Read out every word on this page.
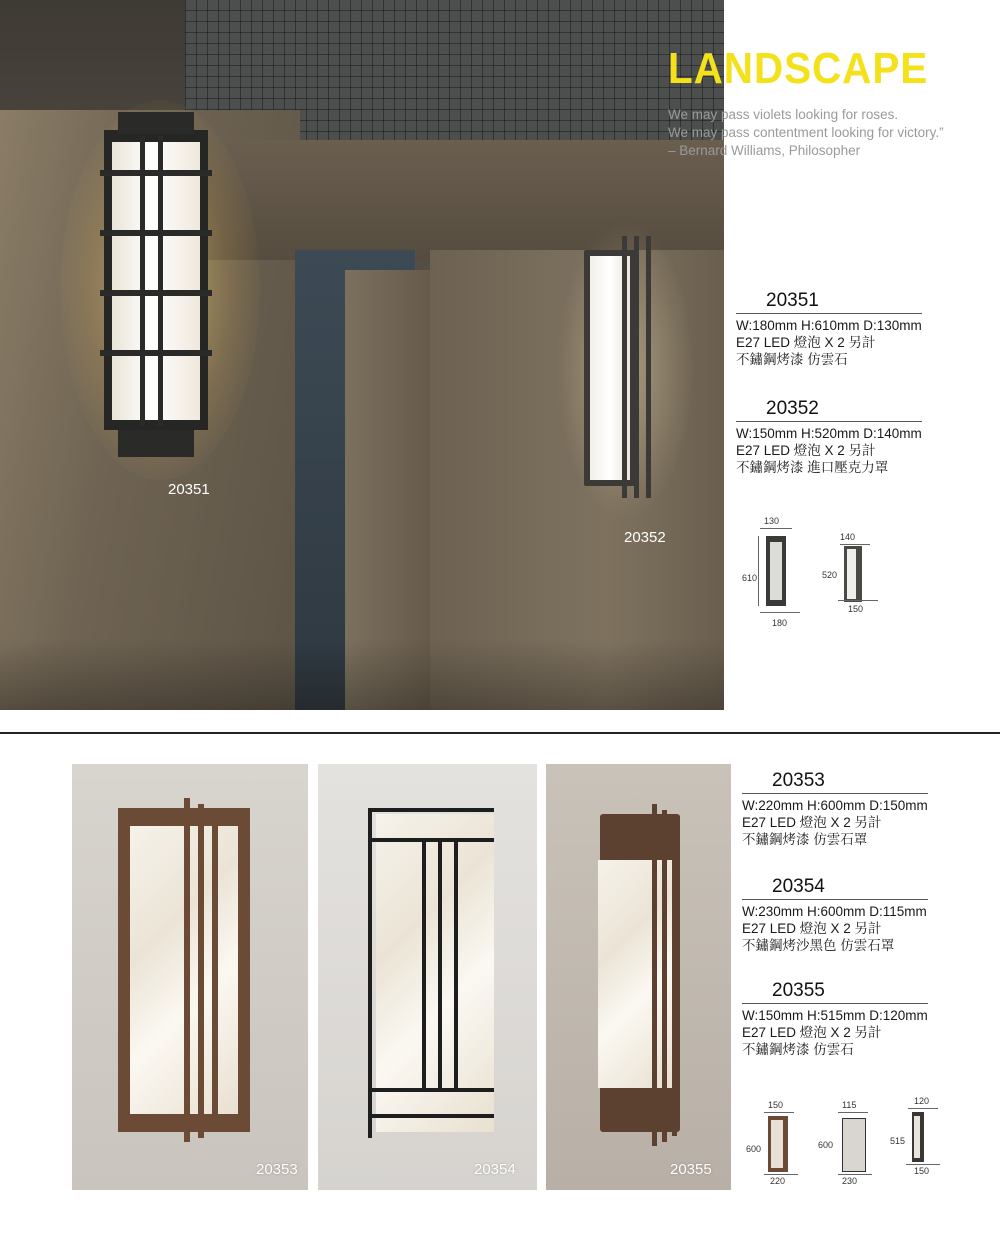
20351
20352
LANDSCAPE
We may pass violets looking for roses.
We may pass contentment looking for victory.”
– Bernard Williams, Philosopher
20351
W:180mm H:610mm D:130mm
E27 LED 燈泡 X 2 另計
不鏽鋼烤漆 仿雲石
20352
W:150mm H:520mm D:140mm
E27 LED 燈泡 X 2 另計
不鏽鋼烤漆 進口壓克力罩
130
610
180
140
520
150
20353	20354	20355
20353
W:220mm H:600mm D:150mm
E27 LED 燈泡 X 2 另計
不鏽鋼烤漆 仿雲石罩
20354
W:230mm H:600mm D:115mm
E27 LED 燈泡 X 2 另計
不鏽鋼烤沙黑色 仿雲石罩
20355
W:150mm H:515mm D:120mm
E27 LED 燈泡 X 2 另計
不鏽鋼烤漆 仿雲石
150
600
220
115
600
230
120
515
150
